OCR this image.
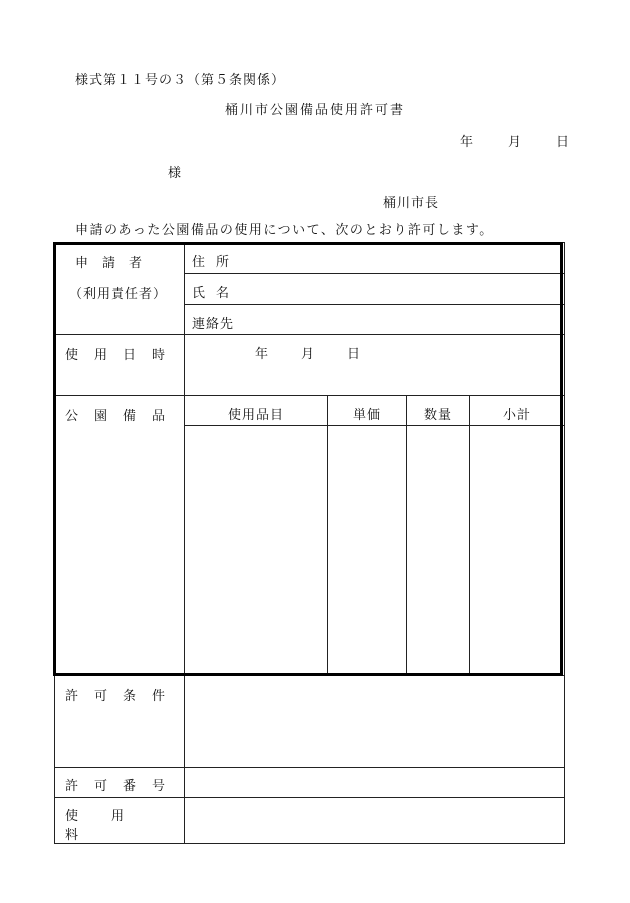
様式第１１号の３（第５条関係）
桶川市公園備品使用許可書
年	月	日
様
桶川市長
申請のあった公園備品の使用について、次のとおり許可します。
申請者
（利用責任者）	住所			
	氏名			
	連絡先			
使用日時	年 月 日			
公園備品	使用品目	単価	数量	小計

許可条件				
許可番号				
使用料				
